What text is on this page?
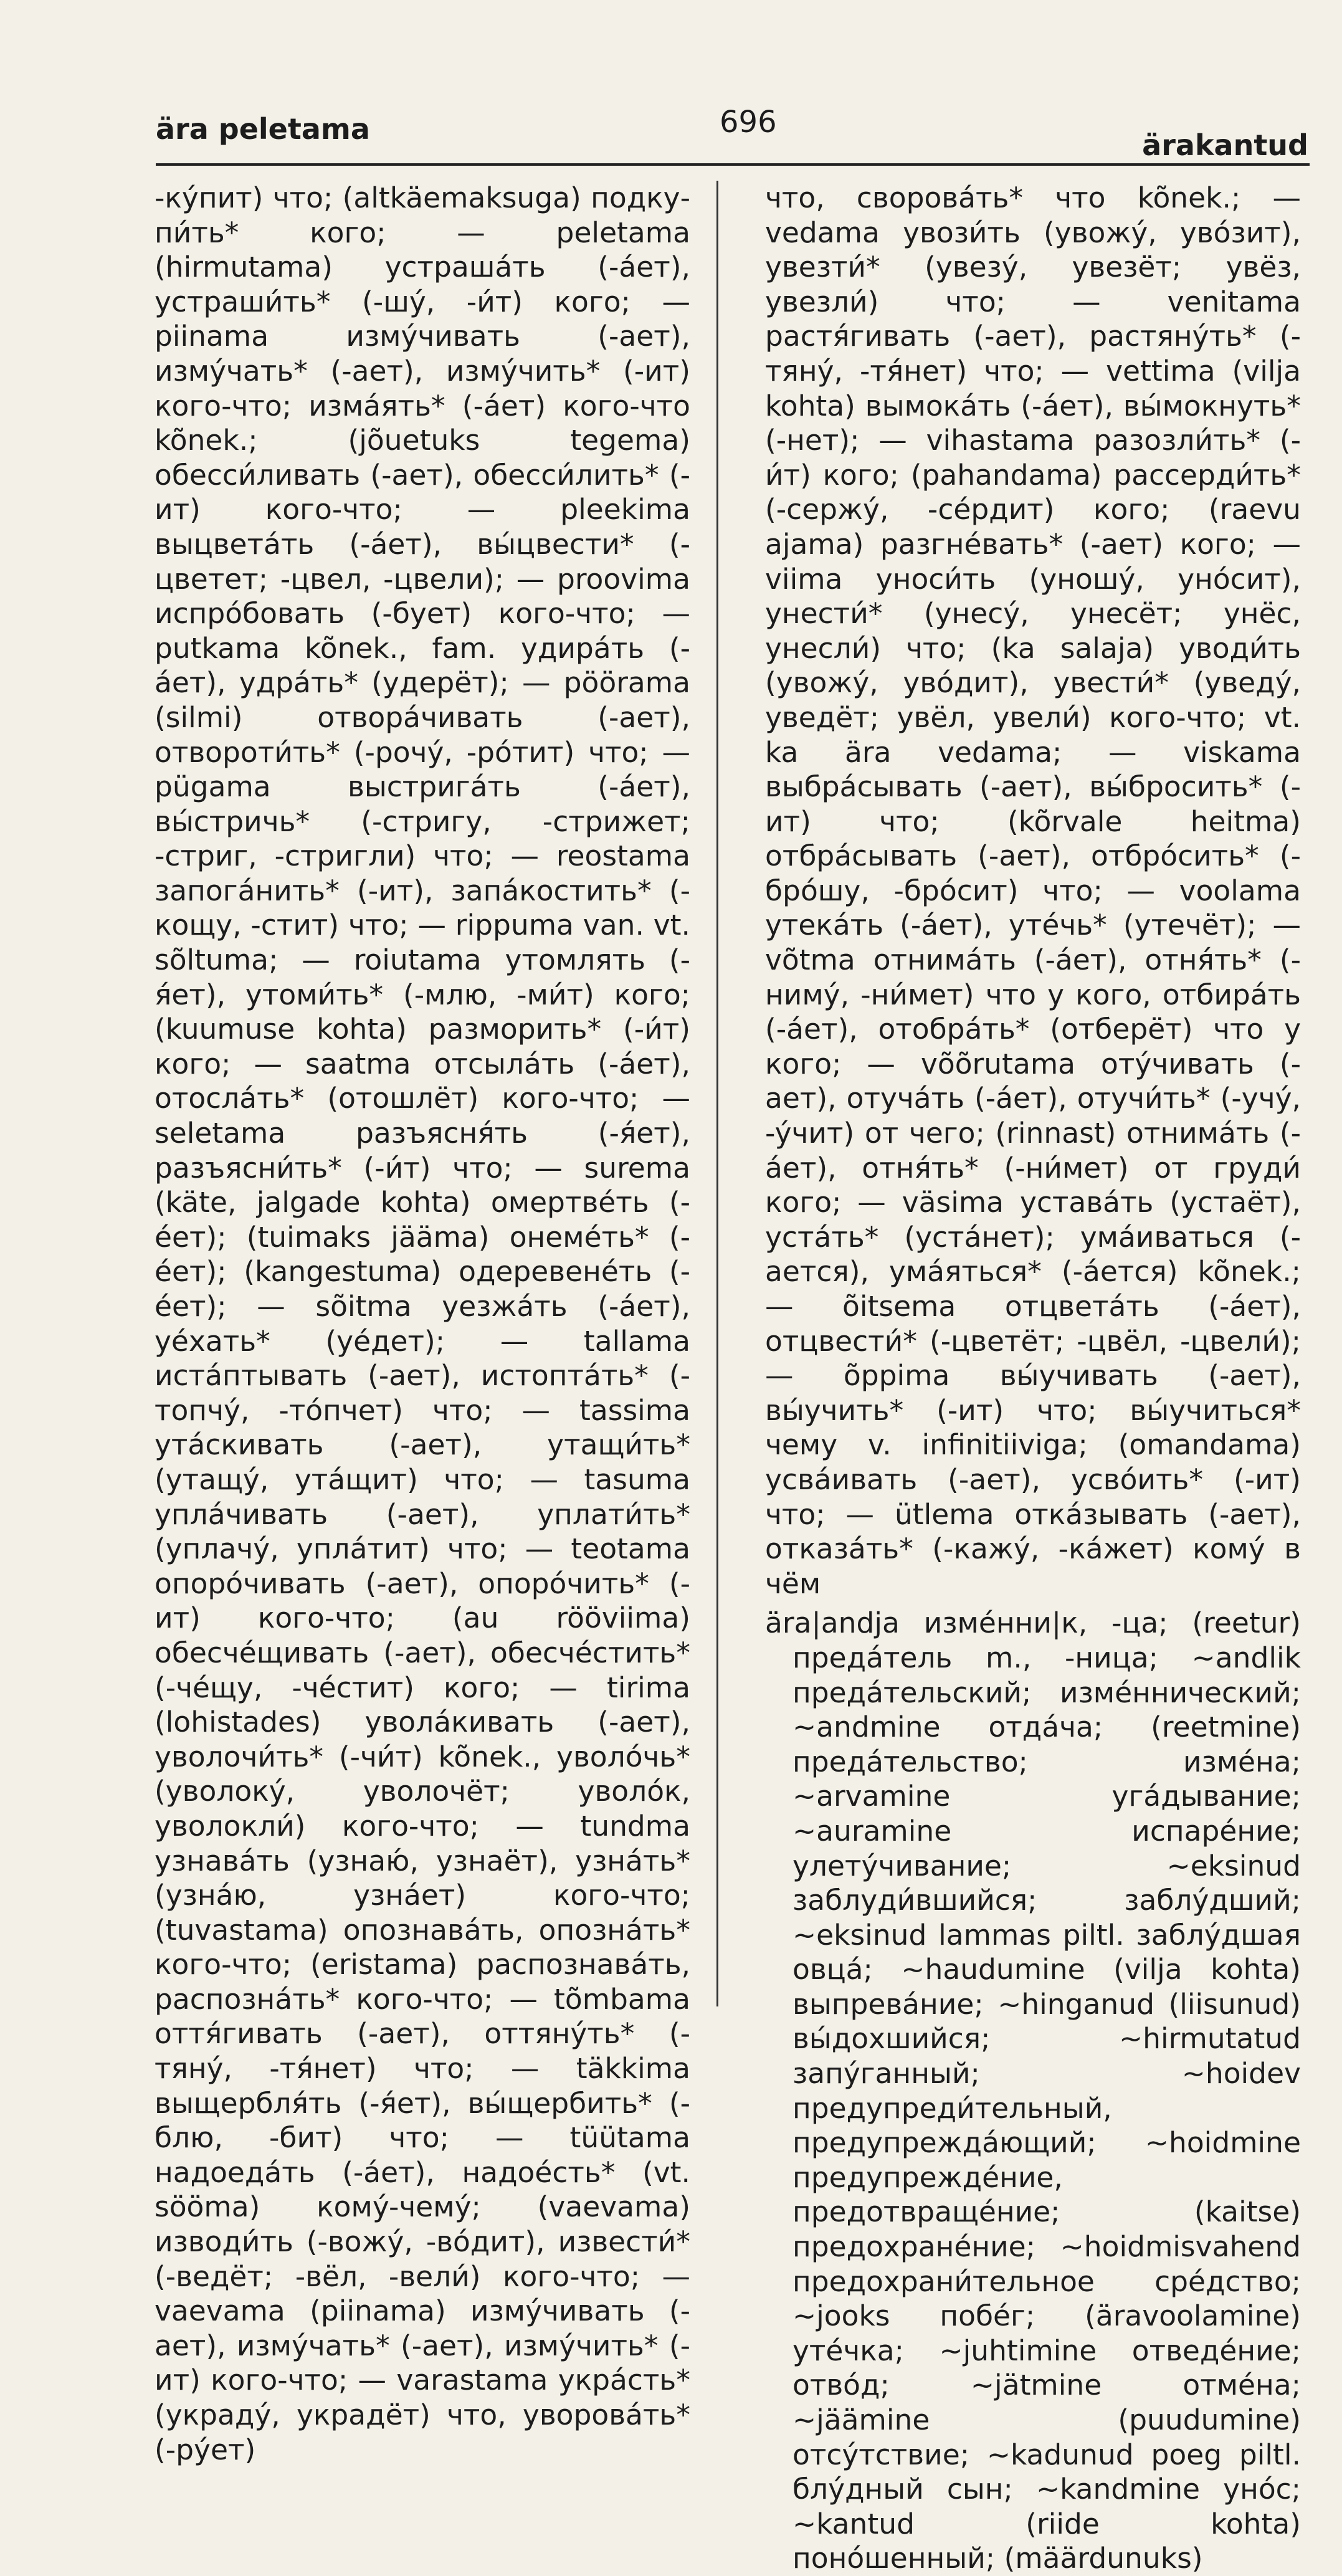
ära peletama	696
ärakantud

-кýпит) что; (altkäemaksuga) подку-пи́ть* кого; — peletama (hirmutama) устраша́ть (-а́ет), устраши́ть* (-шу́, -и́т) кого; — piinama изму́чивать (-ает), измýчать* (-ает), измýчить* (-ит) кого-что; измáять* (-áет) кого-что kõnek.; (jõuetuks tegema) обесси́ливать (-ает), обесси́лить* (-ит) кого-что; — pleekima выцветáть (-áет), вы́цвести* (-цветет; -цвел, -цвели); — proovima испрóбовать (-бует) кого-что; — putkama kõnek., fam. удирáть (-áет), удрáть* (удерёт); — pöörama (silmi) отворáчивать (-ает), отвороти́ть* (-рочý, -рóтит) что; — pügama выстригáть (-áет), вы́стричь* (-стригу, -стрижет; -стриг, -стригли) что; — reostama запогáнить* (-ит), запáкостить* (-кощу, -стит) что; — rippuma van. vt. sõltuma; — roiutama утомлять (-я́ет), утоми́ть* (-млю, -ми́т) кого; (kuumuse kohta) разморить* (-и́т) кого; — saatma отсылáть (-áет), отослáть* (отошлёт) кого-что; — seletama разъясня́ть (-я́ет), разъясни́ть* (-и́т) что; — surema (käte, jalgade kohta) омертвéть (-éет); (tuimaks jääma) онемéть* (-éет); (kangestuma) одеревенéть (-éет); — sõitma уезжáть (-áет), уéхать* (уéдет); — tallama истáптывать (-ает), истоптáть* (-топчý, -тóпчет) что; — tassima утáскивать (-ает), утащи́ть* (утащý, утáщит) что; — tasuma уплáчивать (-ает), уплати́ть* (уплачý, уплáтит) что; — teotama опорóчивать (-ает), опорóчить* (-ит) кого-что; (au rööviima) обесчéщивать (-ает), обесчéстить* (-чéщу, -чéстит) кого; — tirima (lohistades) уволáкивать (-ает), уволочи́ть* (-чи́т) kõnek., уволóчь* (уволокý, уволочёт; уволóк, уволокли́) кого-что; — tundma узнавáть (узнаю́, узнаёт), узнáть* (узнáю, узнáет) кого-что; (tuvastama) опознавáть, опознáть* кого-что; (eristama) распознавáть, распознáть* кого-что; — tõmbama оття́гивать (-ает), оттянýть* (-тянý, -тя́нет) что; — täkkima выщербля́ть (-я́ет), вы́щербить* (-блю, -бит) что; — tüütama надоедáть (-áет), надоéсть* (vt. sööma) комý-чемý; (vaevama) изводи́ть (-вожý, -вóдит), извести́* (-ведёт; -вёл, -вели́) кого-что; — vaevama (piinama) измýчивать (-ает), измýчать* (-ает), измýчить* (-ит) кого-что; — varastama укрáсть* (украдý, украдёт) что, уворовáть* (-рýет)

что, своровáть* что kõnek.; — vedama увози́ть (увожý, увóзит), увезти́* (увезý, увезёт; увёз, увезли́) что; — venitama растя́гивать (-ает), растянýть* (-тянý, -тя́нет) что; — vettima (vilja kohta) вымокáть (-áет), вы́мокнуть* (-нет); — vihastama разозли́ть* (-и́т) кого; (pahandama) рассерди́ть* (-сержý, -сéрдит) кого; (raevu ajama) разгнéвать* (-ает) кого; — viima уноси́ть (уношý, унóсит), унести́* (унесý, унесёт; унёс, унесли́) что; (ka salaja) уводи́ть (увожý, увóдит), увести́* (уведý, уведёт; увёл, увели́) кого-что; vt. ka ära vedama; — viskama выбрáсывать (-ает), вы́бросить* (-ит) что; (kõrvale heitma) отбрáсывать (-ает), отбрóсить* (-брóшу, -брóсит) что; — voolama утекáть (-áет), утéчь* (утечёт); — võtma отнимáть (-áет), отня́ть* (-нимý, -ни́мет) что у кого, отбирáть (-áет), отобрáть* (отберёт) что у кого; — võõrutama отýчивать (-ает), отучáть (-áет), отучи́ть* (-учý, -ýчит) от чего; (rinnast) отнимáть (-áет), отня́ть* (-ни́мет) от груди́ кого; — väsima уставáть (устаёт), устáть* (устáнет); умáиваться (-ается), умáяться* (-áется) kõnek.; — õitsema отцветáть (-áет), отцвести́* (-цветёт; -цвёл, -цвели́); — õppima вы́учивать (-ает), вы́учить* (-ит) что; вы́учиться* чемy v. infinitiiviga; (omandama) усвáивать (-ает), усвóить* (-ит) что; — ütlema откáзывать (-ает), отказáть* (-кажý, -кáжет) комý в чём

ära|andja измéнни|к, -ца; (reetur) предáтель m., -ница; ~andlik предáтельский; измéннический; ~andmine отдáча; (reetmine) предáтельство; измéна; ~arvamine угáдывание; ~auramine испарéние; улетýчивание; ~eksinud заблуди́вшийся; заблýдший; ~eksinud lammas piltl. заблýдшая овцá; ~haudumine (vilja kohta) выпревáние; ~hinganud (liisunud) вы́дохшийся; ~hirmutatud запýганный; ~hoidev предупреди́тельный, предупреждáющий; ~hoidmine предупреждéние, предотвращéние; (kaitse) предохранéние; ~hoidmisvahend предохрани́тельное срéдство; ~jooks побéг; (äravoolamine) утéчка; ~juhtimine отведéние; отвóд; ~jätmine отмéна; ~jäämine (puudumine) отсýтствие; ~kadunud poeg piltl. блýдный сын; ~kandmine унóс; ~kantud (riide kohta) понóшенный; (määrdunuks)
